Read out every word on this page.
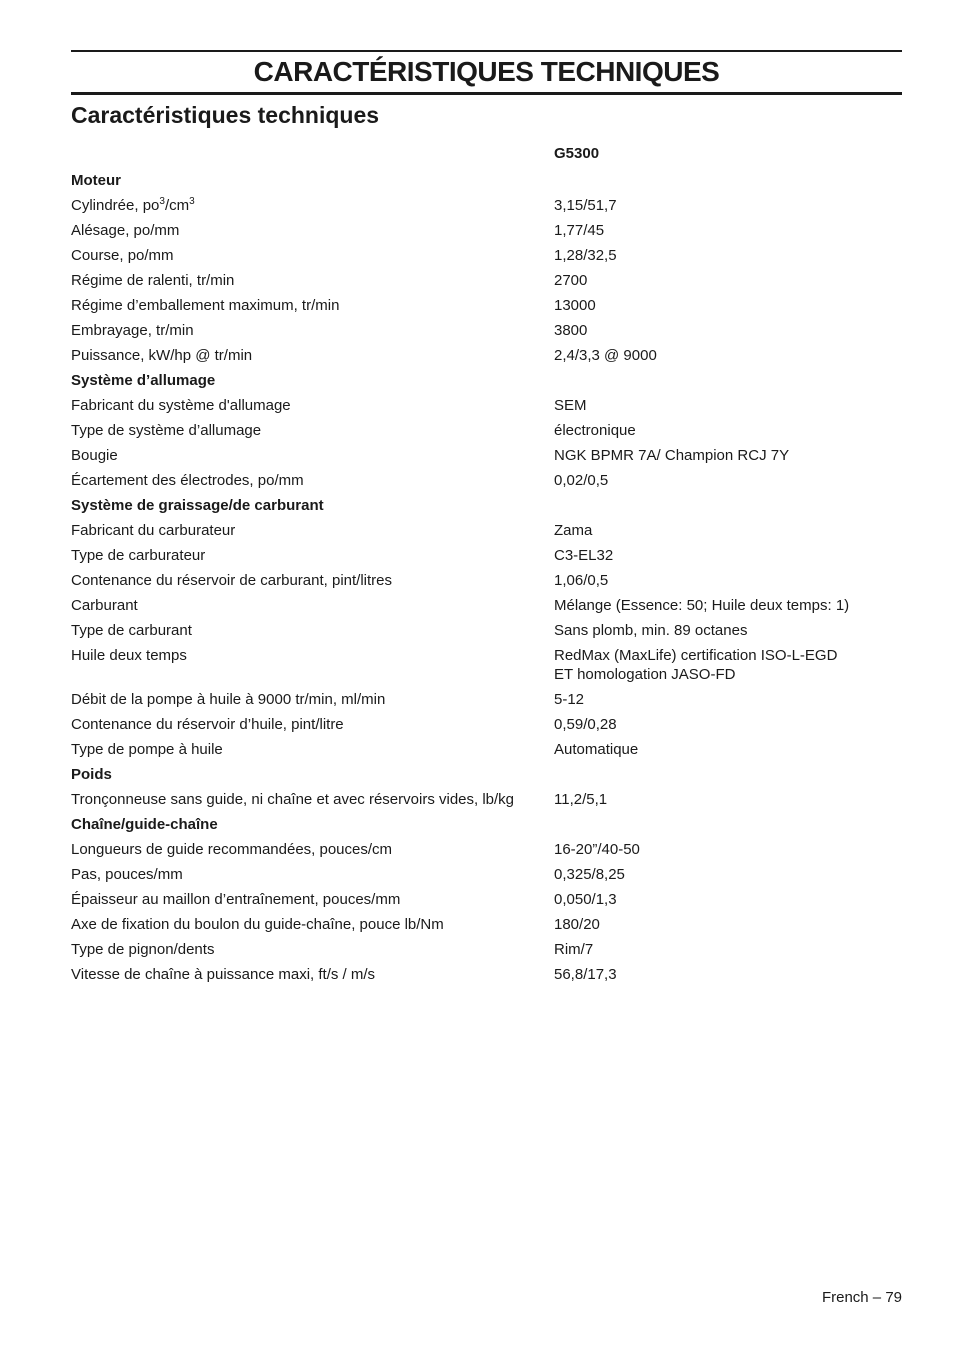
CARACTÉRISTIQUES TECHNIQUES
Caractéristiques techniques
G5300
Moteur
Cylindrée, $po^3/cm^3$	3,15/51,7
Alésage, po/mm	1,77/45
Course, po/mm	1,28/32,5
Régime de ralenti, tr/min	2700
Régime d’emballement maximum, tr/min	13000
Embrayage, tr/min	3800
Puissance, kW/hp @ tr/min	2,4/3,3 @ 9000
Système d’allumage
Fabricant du système d'allumage	SEM
Type de système d’allumage	électronique
Bougie	NGK BPMR 7A/ Champion RCJ 7Y
Écartement des électrodes, po/mm	0,02/0,5
Système de graissage/de carburant
Fabricant du carburateur	Zama
Type de carburateur	C3-EL32
Contenance du réservoir de carburant, pint/litres	1,06/0,5
Carburant	Mélange (Essence: 50; Huile deux temps: 1)
Type de carburant	Sans plomb, min. 89 octanes
Huile deux temps	RedMax (MaxLife) certification ISO-L-EGD
ET homologation JASO-FD
Débit de la pompe à huile à 9000 tr/min, ml/min	5-12
Contenance du réservoir d’huile, pint/litre	0,59/0,28
Type de pompe à huile	Automatique
Poids
Tronçonneuse sans guide, ni chaîne et avec réservoirs vides, lb/kg	11,2/5,1
Chaîne/guide-chaîne
Longueurs de guide recommandées, pouces/cm	16-20”/40-50
Pas, pouces/mm	0,325/8,25
Épaisseur au maillon d’entraînement, pouces/mm	0,050/1,3
Axe de fixation du boulon du guide-chaîne, pouce lb/Nm	180/20
Type de pignon/dents	Rim/7
Vitesse de chaîne à puissance maxi, ft/s / m/s	56,8/17,3
French – 79
